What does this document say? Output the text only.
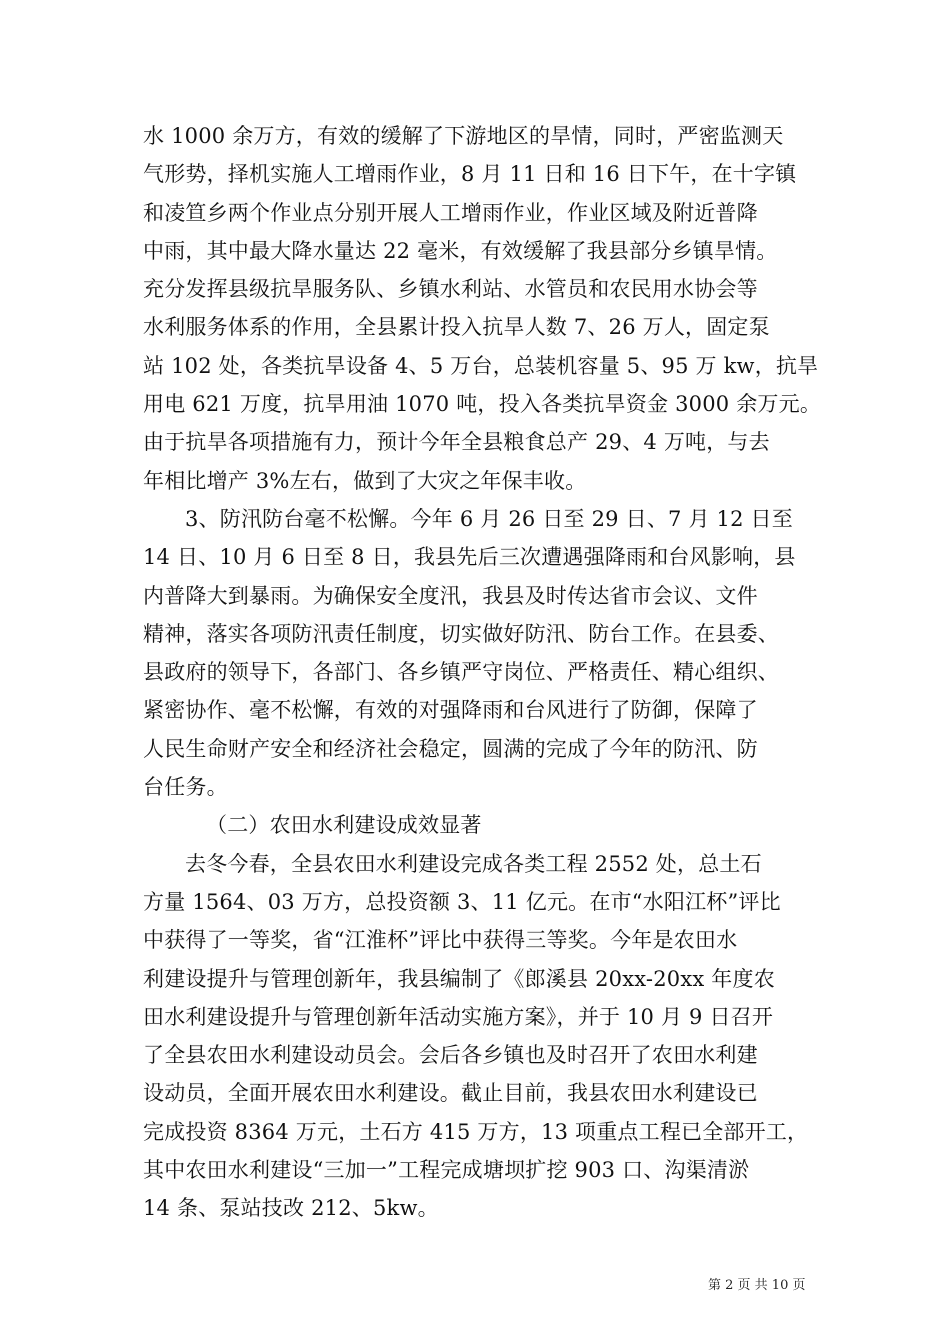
水 1000 余万方，有效的缓解了下游地区的旱情，同时，严密监测天
气形势，择机实施人工增雨作业，8 月 11 日和 16 日下午，在十字镇
和凌笪乡两个作业点分别开展人工增雨作业，作业区域及附近普降
中雨，其中最大降水量达 22 毫米，有效缓解了我县部分乡镇旱情。
充分发挥县级抗旱服务队、乡镇水利站、水管员和农民用水协会等
水利服务体系的作用，全县累计投入抗旱人数 7、26 万人，固定泵
站 102 处，各类抗旱设备 4、5 万台，总装机容量 5、95 万 kw，抗旱
用电 621 万度，抗旱用油 1070 吨，投入各类抗旱资金 3000 余万元。
由于抗旱各项措施有力，预计今年全县粮食总产 29、4 万吨，与去
年相比增产 3%左右，做到了大灾之年保丰收。
3、防汛防台毫不松懈。今年 6 月 26 日至 29 日、7 月 12 日至
14 日、10 月 6 日至 8 日，我县先后三次遭遇强降雨和台风影响，县
内普降大到暴雨。为确保安全度汛，我县及时传达省市会议、文件
精神，落实各项防汛责任制度，切实做好防汛、防台工作。在县委、
县政府的领导下，各部门、各乡镇严守岗位、严格责任、精心组织、
紧密协作、毫不松懈，有效的对强降雨和台风进行了防御，保障了
人民生命财产安全和经济社会稳定，圆满的完成了今年的防汛、防
台任务。
（二）农田水利建设成效显著
去冬今春，全县农田水利建设完成各类工程 2552 处，总土石
方量 1564、03 万方，总投资额 3、11 亿元。在市“水阳江杯”评比
中获得了一等奖，省“江淮杯”评比中获得三等奖。今年是农田水
利建设提升与管理创新年，我县编制了《郎溪县 20xx-20xx 年度农
田水利建设提升与管理创新年活动实施方案》，并于 10 月 9 日召开
了全县农田水利建设动员会。会后各乡镇也及时召开了农田水利建
设动员，全面开展农田水利建设。截止目前，我县农田水利建设已
完成投资 8364 万元，土石方 415 万方，13 项重点工程已全部开工，
其中农田水利建设“三加一”工程完成塘坝扩挖 903 口、沟渠清淤
14 条、泵站技改 212、5kw。
第 2 页 共 10 页
